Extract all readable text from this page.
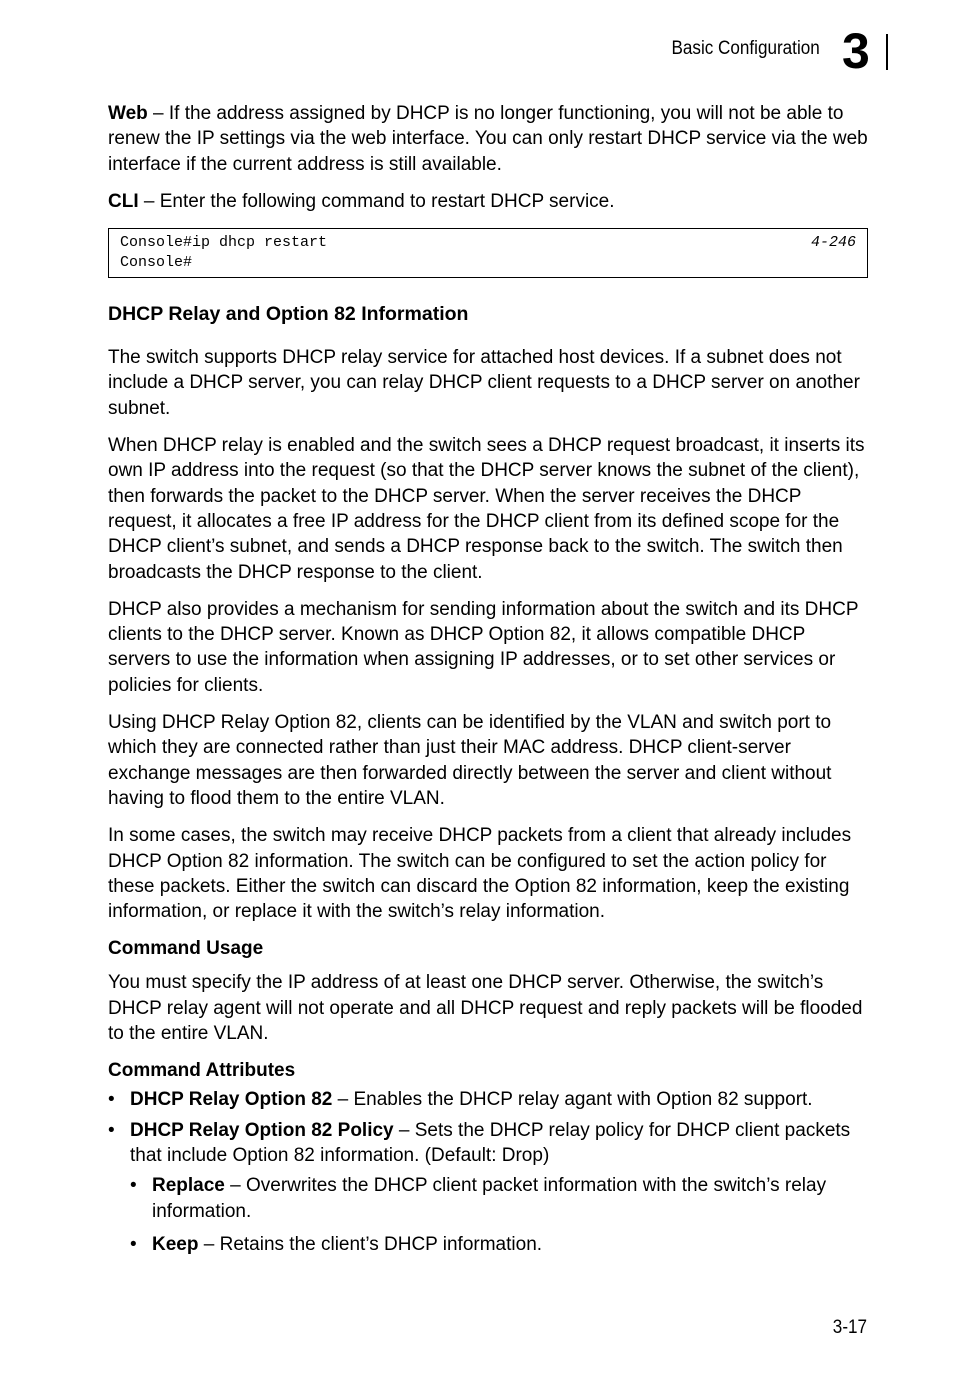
Basic Configuration 3

Web – If the address assigned by DHCP is no longer functioning, you will not be able to renew the IP settings via the web interface. You can only restart DHCP service via the web interface if the current address is still available.

CLI – Enter the following command to restart DHCP service.

Console#ip dhcp restart	4-246
Console#
DHCP Relay and Option 82 Information

The switch supports DHCP relay service for attached host devices. If a subnet does not include a DHCP server, you can relay DHCP client requests to a DHCP server on another subnet.

When DHCP relay is enabled and the switch sees a DHCP request broadcast, it inserts its own IP address into the request (so that the DHCP server knows the subnet of the client), then forwards the packet to the DHCP server. When the server receives the DHCP request, it allocates a free IP address for the DHCP client from its defined scope for the DHCP client’s subnet, and sends a DHCP response back to the switch. The switch then broadcasts the DHCP response to the client.

DHCP also provides a mechanism for sending information about the switch and its DHCP clients to the DHCP server. Known as DHCP Option 82, it allows compatible DHCP servers to use the information when assigning IP addresses, or to set other services or policies for clients.

Using DHCP Relay Option 82, clients can be identified by the VLAN and switch port to which they are connected rather than just their MAC address. DHCP client-server exchange messages are then forwarded directly between the server and client without having to flood them to the entire VLAN.

In some cases, the switch may receive DHCP packets from a client that already includes DHCP Option 82 information. The switch can be configured to set the action policy for these packets. Either the switch can discard the Option 82 information, keep the existing information, or replace it with the switch’s relay information.

Command Usage

You must specify the IP address of at least one DHCP server. Otherwise, the switch’s DHCP relay agent will not operate and all DHCP request and reply packets will be flooded to the entire VLAN.

Command Attributes
• DHCP Relay Option 82 – Enables the DHCP relay agant with Option 82 support.
• DHCP Relay Option 82 Policy – Sets the DHCP relay policy for DHCP client packets that include Option 82 information. (Default: Drop)
• Replace – Overwrites the DHCP client packet information with the switch’s relay information.
• Keep – Retains the client’s DHCP information.
3-17
